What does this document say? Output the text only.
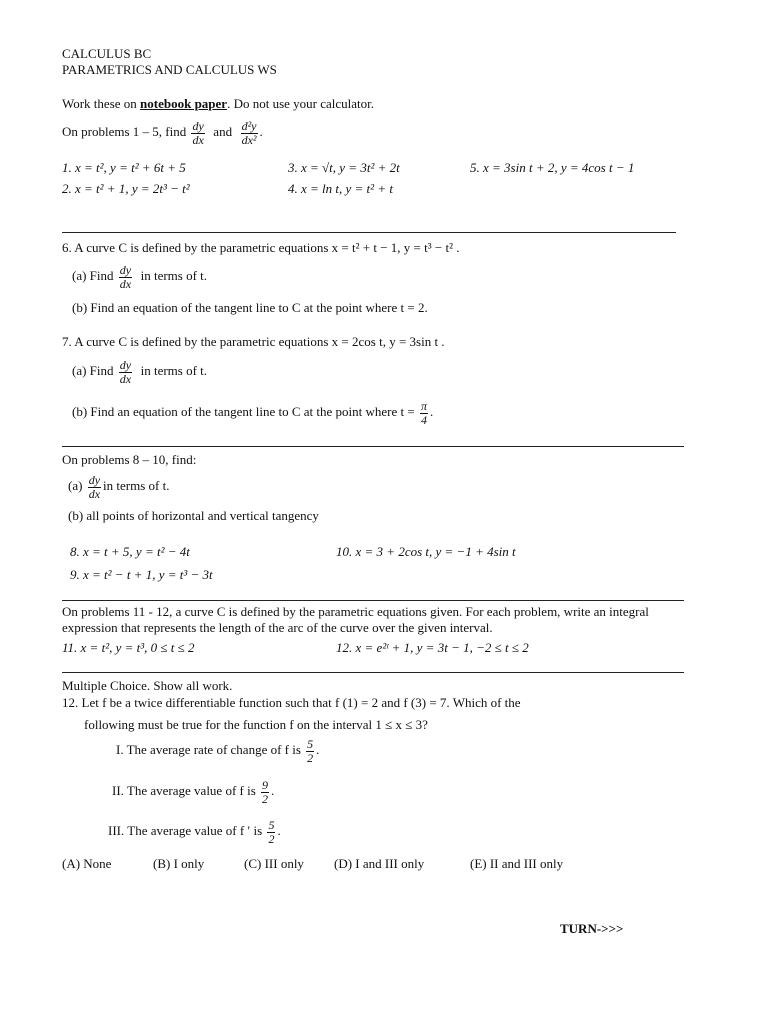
CALCULUS BC
PARAMETRICS AND CALCULUS WS
Work these on notebook paper. Do not use your calculator.
On problems 1 – 5, find $\frac{dy}{dx}$ and $\frac{\text{d²y}}{\text{dx²}}$ .
1. x = t², y = t² + 6t + 5
2. x = t² + 1, y = 2t³ − t²
3. x = √t, y = 3t² + 2t
4. x = ln t, y = t² + t
5. x = 3sin t + 2, y = 4cos t − 1
6. A curve C is defined by the parametric equations x = t² + t − 1, y = t³ − t² .
(a) Find $\frac{dy}{dx}$ in terms of t.
(b) Find an equation of the tangent line to C at the point where t = 2.
7. A curve C is defined by the parametric equations x = 2cos t, y = 3sin t .
(a) Find $\frac{dy}{dx}$ in terms of t.
(b) Find an equation of the tangent line to C at the point where $t = \frac{\pi}{4}$ .
On problems 8 – 10, find:
$(a) \frac{dy}{dx}$ in terms of t.
(b) all points of horizontal and vertical tangency
8. x = t + 5, y = t² − 4t
9. x = t² − t + 1, y = t³ − 3t
10. x = 3 + 2cos t, y = −1 + 4sin t
On problems 11 - 12, a curve C is defined by the parametric equations given. For each problem, write an integral
expression that represents the length of the arc of the curve over the given interval.
11. x = t², y = t³, 0 ≤ t ≤ 2	12. x = e²ᵗ + 1, y = 3t − 1, −2 ≤ t ≤ 2
Multiple Choice. Show all work.
12. Let f be a twice differentiable function such that f (1) = 2 and f (3) = 7. Which of the
following must be true for the function f on the interval 1 ≤ x ≤ 3?
I. The average rate of change of f is $\frac{5}{2}$ .
II. The average value of f is $\frac{9}{2}$ .
III. The average value of f ′ is $\frac{5}{2}$ .
(A) None	(B) I only	(C) III only (D) I and III only	(E) II and III only
TURN->>>
